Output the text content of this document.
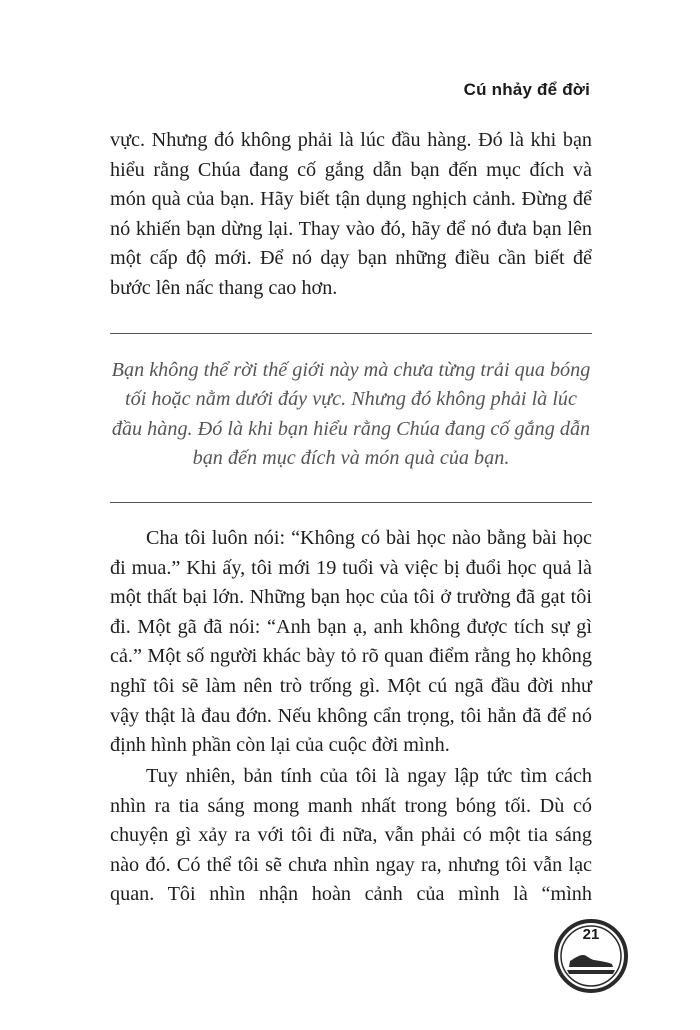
Cú nhảy để đời

vực. Nhưng đó không phải là lúc đầu hàng. Đó là khi bạn hiểu rằng Chúa đang cố gắng dẫn bạn đến mục đích và món quà của bạn. Hãy biết tận dụng nghịch cảnh. Đừng để nó khiến bạn dừng lại. Thay vào đó, hãy để nó đưa bạn lên một cấp độ mới. Để nó dạy bạn những điều cần biết để bước lên nấc thang cao hơn.

Bạn không thể rời thế giới này mà chưa từng trải qua bóng tối hoặc nằm dưới đáy vực. Nhưng đó không phải là lúc đầu hàng. Đó là khi bạn hiểu rằng Chúa đang cố gắng dẫn bạn đến mục đích và món quà của bạn.

Cha tôi luôn nói: “Không có bài học nào bằng bài học đi mua.” Khi ấy, tôi mới 19 tuổi và việc bị đuổi học quả là một thất bại lớn. Những bạn học của tôi ở trường đã gạt tôi đi. Một gã đã nói: “Anh bạn ạ, anh không được tích sự gì cả.” Một số người khác bày tỏ rõ quan điểm rằng họ không nghĩ tôi sẽ làm nên trò trống gì. Một cú ngã đầu đời như vậy thật là đau đớn. Nếu không cẩn trọng, tôi hẳn đã để nó định hình phần còn lại của cuộc đời mình.

Tuy nhiên, bản tính của tôi là ngay lập tức tìm cách nhìn ra tia sáng mong manh nhất trong bóng tối. Dù có chuyện gì xảy ra với tôi đi nữa, vẫn phải có một tia sáng nào đó. Có thể tôi sẽ chưa nhìn ngay ra, nhưng tôi vẫn lạc quan. Tôi nhìn nhận hoàn cảnh của mình là “mình

21
